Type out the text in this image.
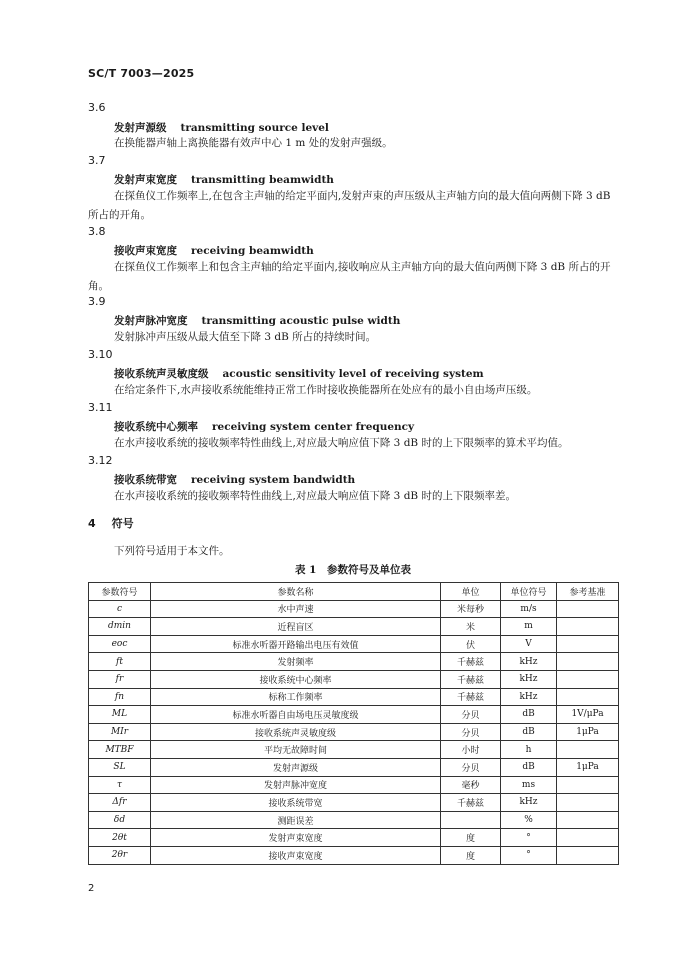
SC/T 7003—2025
3.6
发射声源级 transmitting source level
在换能器声轴上离换能器有效声中心 1 m 处的发射声强级。
3.7
发射声束宽度 transmitting beamwidth
在探鱼仪工作频率上,在包含主声轴的给定平面内,发射声束的声压级从主声轴方向的最大值向两侧下降 3 dB 所占的开角。
3.8
接收声束宽度 receiving beamwidth
在探鱼仪工作频率上和包含主声轴的给定平面内,接收响应从主声轴方向的最大值向两侧下降 3 dB 所占的开角。
3.9
发射声脉冲宽度 transmitting acoustic pulse width
发射脉冲声压级从最大值至下降 3 dB 所占的持续时间。
3.10
接收系统声灵敏度级 acoustic sensitivity level of receiving system
在给定条件下,水声接收系统能维持正常工作时接收换能器所在处应有的最小自由场声压级。
3.11
接收系统中心频率 receiving system center frequency
在水声接收系统的接收频率特性曲线上,对应最大响应值下降 3 dB 时的上下限频率的算术平均值。
3.12
接收系统带宽 receiving system bandwidth
在水声接收系统的接收频率特性曲线上,对应最大响应值下降 3 dB 时的上下限频率差。
4 符号
下列符号适用于本文件。
表 1　参数符号及单位表
参数符号	参数名称	单位	单位符号	参考基准
c	水中声速	米每秒	m/s	
dmin	近程盲区	米	m	
eoc	标准水听器开路输出电压有效值	伏	V	
ft	发射频率	千赫兹	kHz	
fr	接收系统中心频率	千赫兹	kHz	
fn	标称工作频率	千赫兹	kHz	
ML	标准水听器自由场电压灵敏度级	分贝	dB	1V/μPa
MIr	接收系统声灵敏度级	分贝	dB	1μPa
MTBF	平均无故障时间	小时	h	
SL	发射声源级	分贝	dB	1μPa
τ	发射声脉冲宽度	毫秒	ms	
Δfr	接收系统带宽	千赫兹	kHz	
δd	测距误差		%	
2θt	发射声束宽度	度	°	
2θr	接收声束宽度	度	°	
2
